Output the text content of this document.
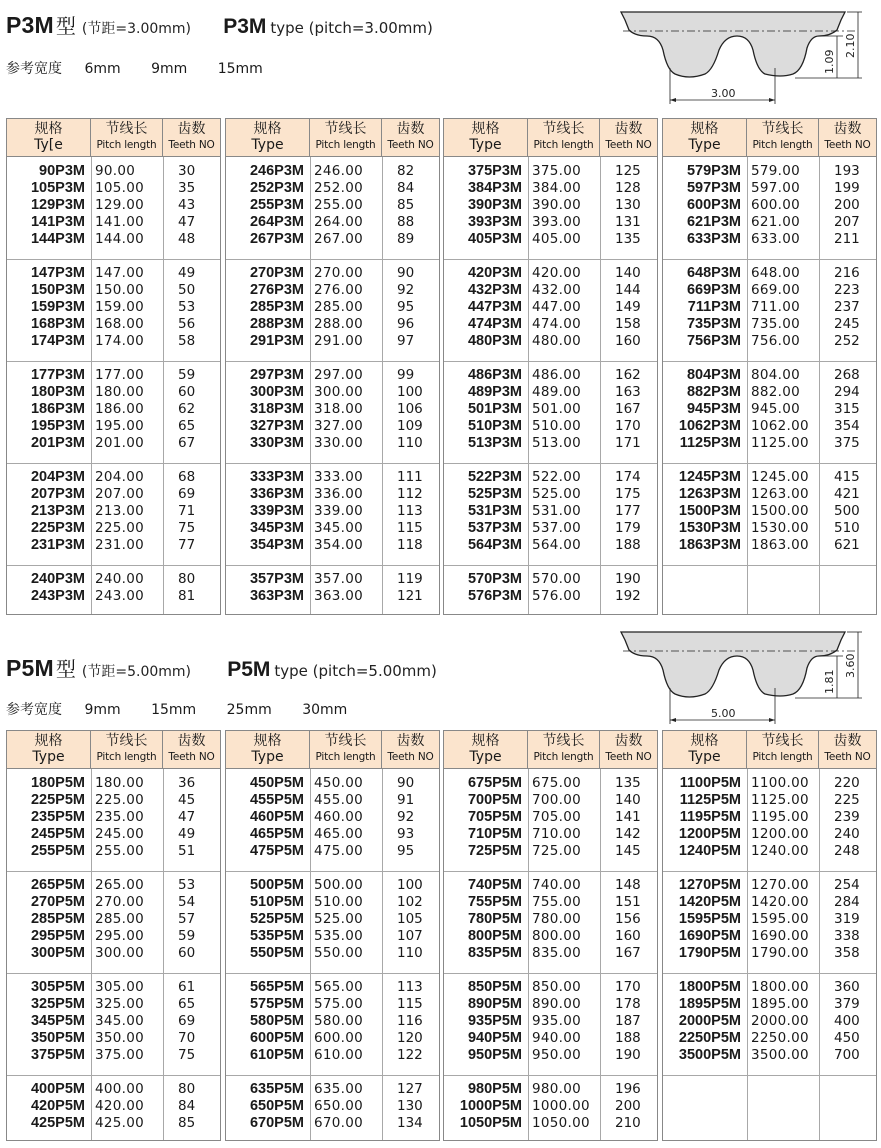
P3M 型 (节距=3.00mm) P3M type (pitch=3.00mm)
参考宽度 6mm 9mm 15mm
3.00
2.10
1.09
规格
Ty[e
节线长
Pitch length
齿数
Teeth NO
90P3M 90.00	30
105P3M 105.00	35
129P3M 129.00	43
141P3M 141.00	47
144P3M 144.00	48
147P3M 147.00	49
150P3M 150.00	50
159P3M 159.00	53
168P3M 168.00	56
174P3M 174.00	58
177P3M 177.00	59
180P3M 180.00	60
186P3M 186.00	62
195P3M 195.00	65
201P3M 201.00	67
204P3M 204.00	68
207P3M 207.00	69
213P3M 213.00	71
225P3M 225.00	75
231P3M 231.00	77
240P3M 240.00	80
243P3M 243.00	81
规格
Type
节线长
Pitch length
齿数
Teeth NO
246P3M 246.00	82
252P3M 252.00	84
255P3M 255.00	85
264P3M 264.00	88
267P3M 267.00	89
270P3M 270.00	90
276P3M 276.00	92
285P3M 285.00	95
288P3M 288.00	96
291P3M 291.00	97
297P3M 297.00	99
300P3M 300.00	100
318P3M 318.00	106
327P3M 327.00	109
330P3M 330.00	110
333P3M 333.00	111
336P3M 336.00	112
339P3M 339.00	113
345P3M 345.00	115
354P3M 354.00	118
357P3M 357.00	119
363P3M 363.00	121
规格
Type
节线长
Pitch length
齿数
Teeth NO
375P3M 375.00	125
384P3M 384.00	128
390P3M 390.00	130
393P3M 393.00	131
405P3M 405.00	135
420P3M 420.00	140
432P3M 432.00	144
447P3M 447.00	149
474P3M 474.00	158
480P3M 480.00	160
486P3M 486.00	162
489P3M 489.00	163
501P3M 501.00	167
510P3M 510.00	170
513P3M 513.00	171
522P3M 522.00	174
525P3M 525.00	175
531P3M 531.00	177
537P3M 537.00	179
564P3M 564.00	188
570P3M 570.00	190
576P3M 576.00	192
规格
Type
节线长
Pitch length
齿数
Teeth NO
579P3M 579.00	193
597P3M 597.00	199
600P3M 600.00	200
621P3M 621.00	207
633P3M 633.00	211
648P3M 648.00	216
669P3M 669.00	223
711P3M 711.00	237
735P3M 735.00	245
756P3M 756.00	252
804P3M 804.00	268
882P3M 882.00	294
945P3M 945.00	315
1062P3M 1062.00	354
1125P3M 1125.00	375
1245P3M 1245.00	415
1263P3M 1263.00	421
1500P3M 1500.00	500
1530P3M 1530.00	510
1863P3M 1863.00	621
P5M 型 (节距=5.00mm) P5M type (pitch=5.00mm)
参考宽度 9mm 15mm 25mm 30mm	5.00
3.60
1.81
规格
Type
节线长
Pitch length
齿数
Teeth NO
180P5M 180.00	36
225P5M 225.00	45
235P5M 235.00	47
245P5M 245.00	49
255P5M 255.00	51
265P5M 265.00	53
270P5M 270.00	54
285P5M 285.00	57
295P5M 295.00	59
300P5M 300.00	60
305P5M 305.00	61
325P5M 325.00	65
345P5M 345.00	69
350P5M 350.00	70
375P5M 375.00	75
400P5M 400.00	80
420P5M 420.00	84
425P5M 425.00	85
规格
Type
节线长
Pitch length
齿数
Teeth NO
450P5M 450.00	90
455P5M 455.00	91
460P5M 460.00	92
465P5M 465.00	93
475P5M 475.00	95
500P5M 500.00	100
510P5M 510.00	102
525P5M 525.00	105
535P5M 535.00	107
550P5M 550.00	110
565P5M 565.00	113
575P5M 575.00	115
580P5M 580.00	116
600P5M 600.00	120
610P5M 610.00	122
635P5M 635.00	127
650P5M 650.00	130
670P5M 670.00	134
规格
Type
节线长
Pitch length
齿数
Teeth NO
675P5M 675.00	135
700P5M 700.00	140
705P5M 705.00	141
710P5M 710.00	142
725P5M 725.00	145
740P5M 740.00	148
755P5M 755.00	151
780P5M 780.00	156
800P5M 800.00	160
835P5M 835.00	167
850P5M 850.00	170
890P5M 890.00	178
935P5M 935.00	187
940P5M 940.00	188
950P5M 950.00	190
980P5M 980.00	196
1000P5M 1000.00	200
1050P5M 1050.00	210
规格
Type
节线长
Pitch length
齿数
Teeth NO
1100P5M 1100.00	220
1125P5M 1125.00	225
1195P5M 1195.00	239
1200P5M 1200.00	240
1240P5M 1240.00	248
1270P5M 1270.00	254
1420P5M 1420.00	284
1595P5M 1595.00	319
1690P5M 1690.00	338
1790P5M 1790.00	358
1800P5M 1800.00	360
1895P5M 1895.00	379
2000P5M 2000.00	400
2250P5M 2250.00	450
3500P5M 3500.00	700
